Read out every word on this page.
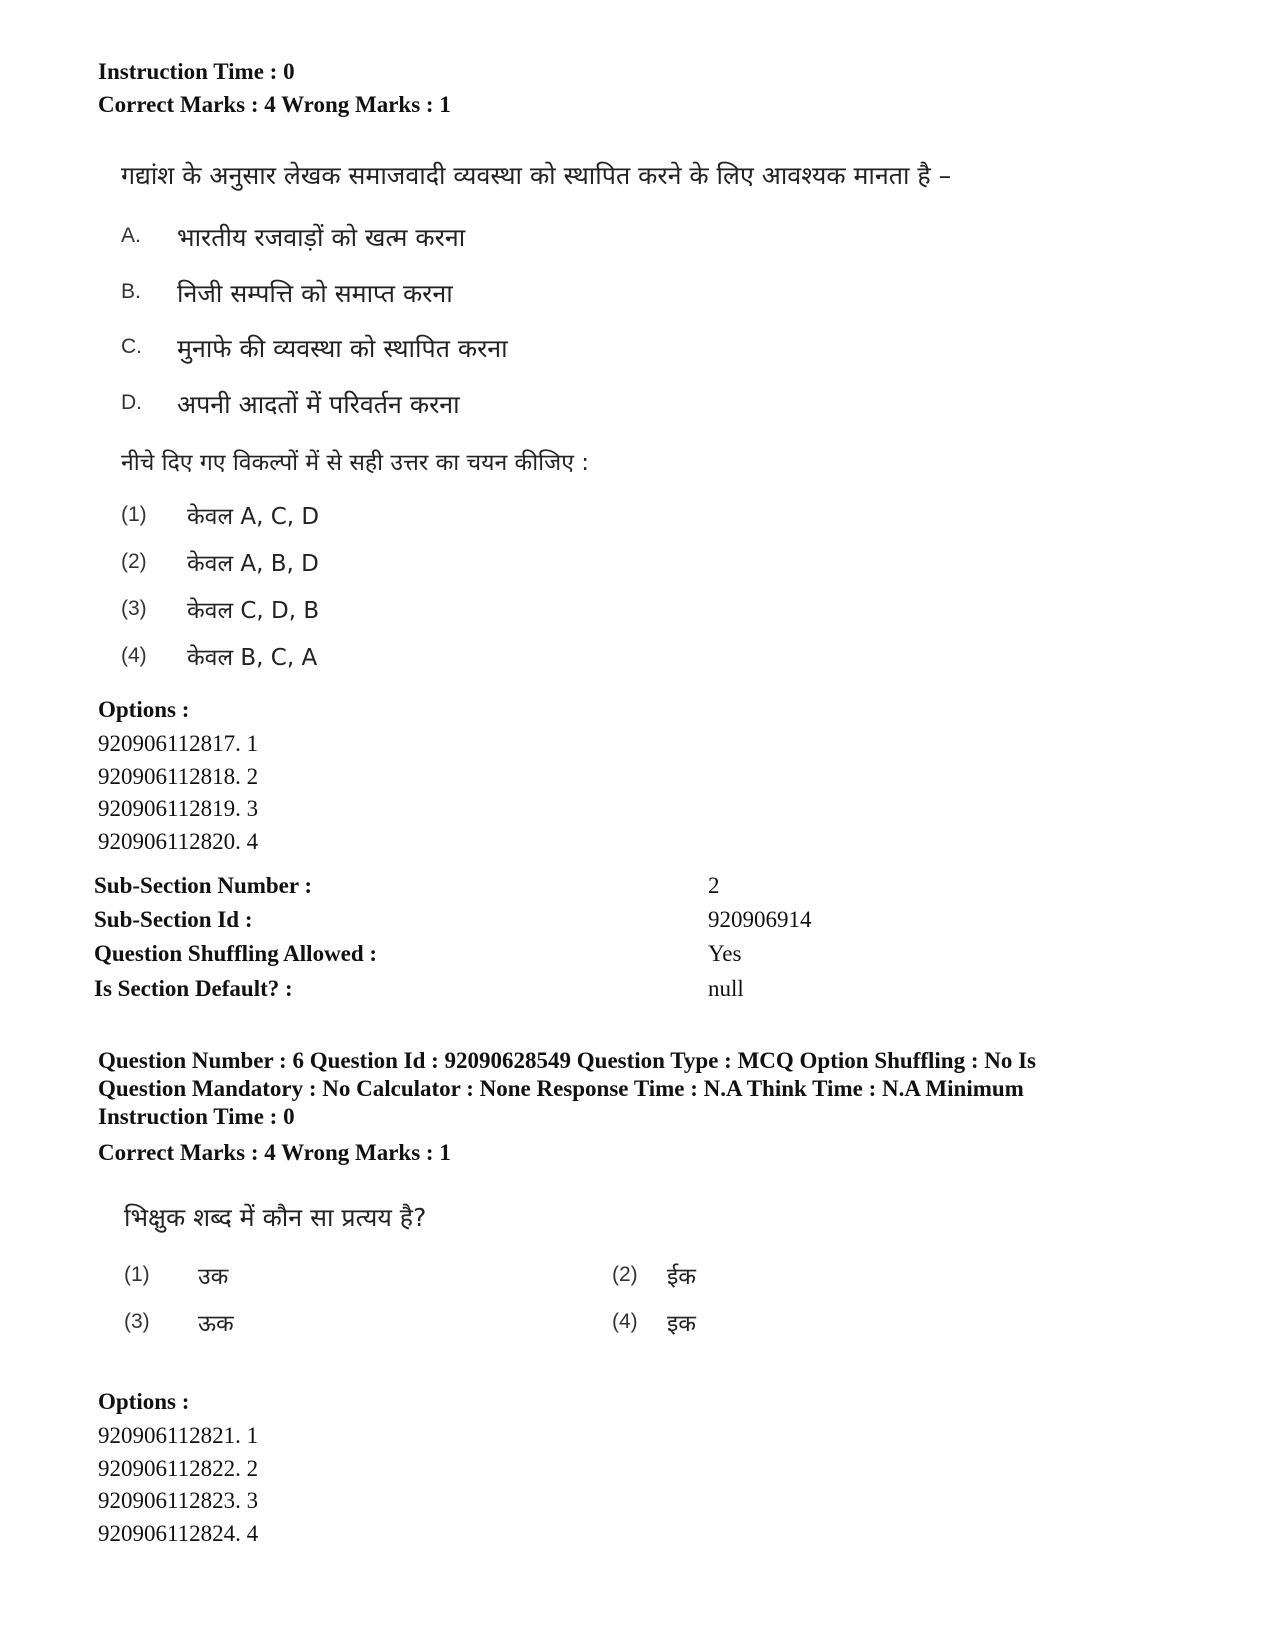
Instruction Time : 0
Correct Marks : 4 Wrong Marks : 1
गद्यांश के अनुसार लेखक समाजवादी व्यवस्था को स्थापित करने के लिए आवश्यक मानता है –
A. भारतीय रजवाड़ों को खत्म करना
B. निजी सम्पत्ति को समाप्त करना
C. मुनाफे की व्यवस्था को स्थापित करना
D. अपनी आदतों में परिवर्तन करना
नीचे दिए गए विकल्पों में से सही उत्तर का चयन कीजिए :
(1) केवल A, C, D
(2) केवल A, B, D
(3) केवल C, D, B
(4) केवल B, C, A
Options :
920906112817. 1
920906112818. 2
920906112819. 3
920906112820. 4
Sub-Section Number :	2
Sub-Section Id :	920906914
Question Shuffling Allowed :	Yes
Is Section Default? :	null
Question Number : 6 Question Id : 92090628549 Question Type : MCQ Option Shuffling : No Is
Question Mandatory : No Calculator : None Response Time : N.A Think Time : N.A Minimum
Instruction Time : 0
Correct Marks : 4 Wrong Marks : 1
भिक्षुक शब्द में कौन सा प्रत्यय है?
(1) उक	(2) ईक
(3) ऊक	(4) इक
Options :
920906112821. 1
920906112822. 2
920906112823. 3
920906112824. 4
